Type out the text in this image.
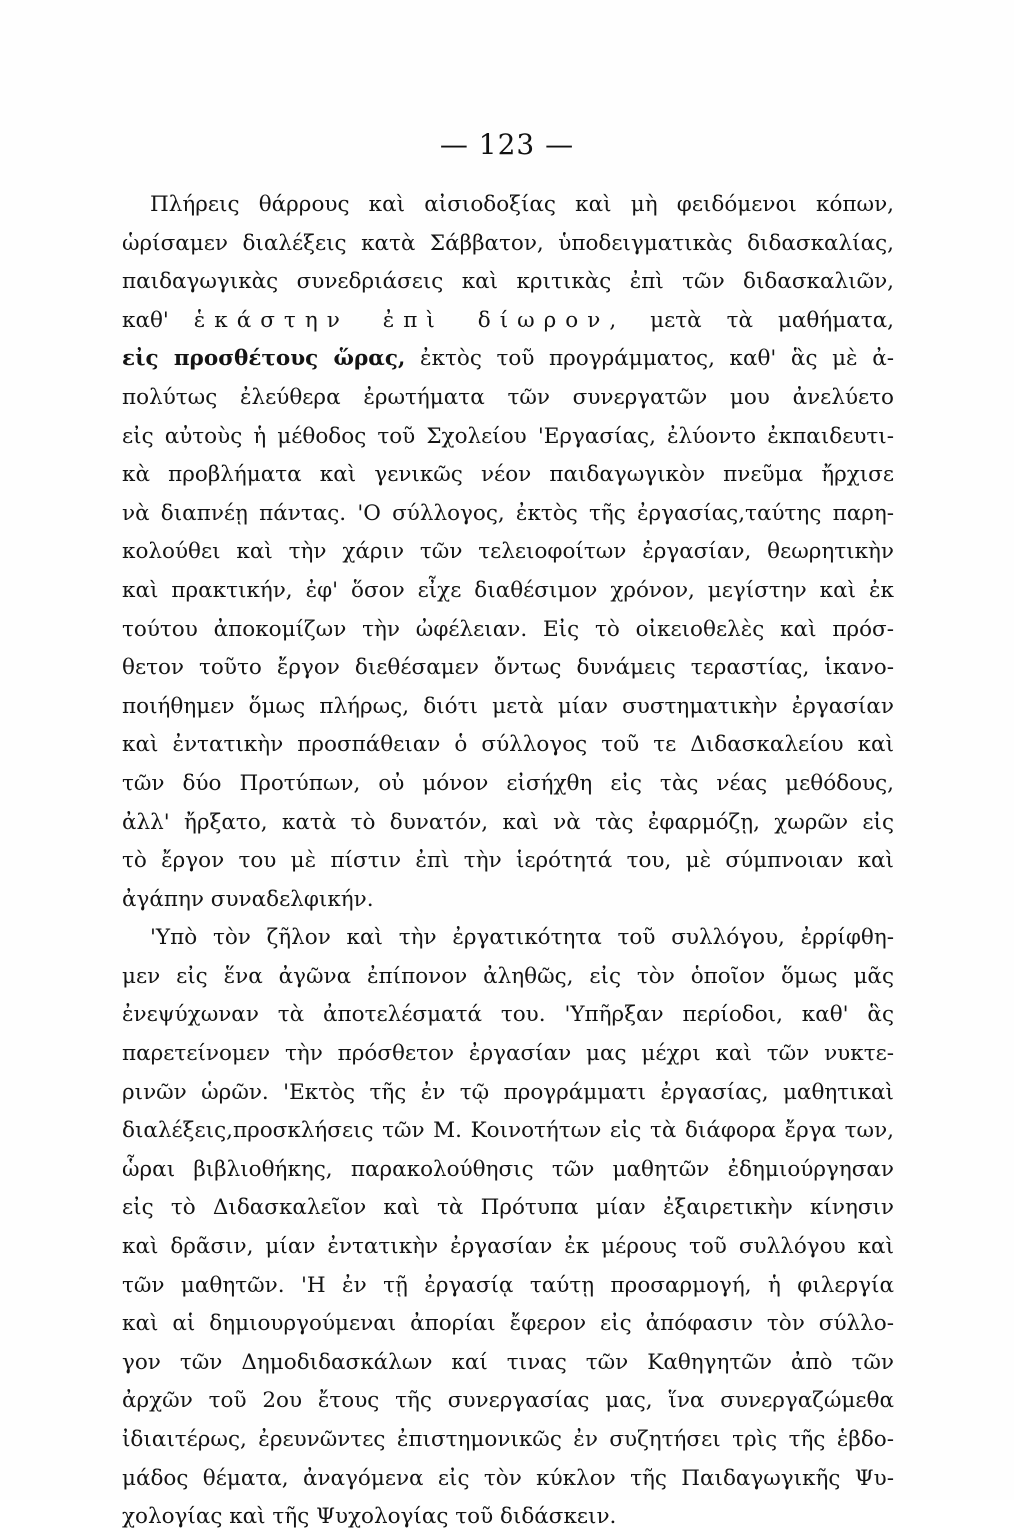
— 123 —
Πλήρεις θάρρους καὶ αἰσιοδοξίας καὶ μὴ φειδόμενοι κόπων,
ὡρίσαμεν διαλέξεις κατὰ Σάββατον, ὑποδειγματικὰς διδασκαλίας,
παιδαγωγικὰς συνεδριάσεις καὶ κριτικὰς ἐπὶ τῶν διδασκαλιῶν,
καθ' ἑκάστην ἐπὶ δίωρον, μετὰ τὰ μαθήματα,
εἰς προσθέτους ὥρας, ἐκτὸς τοῦ προγράμματος, καθ' ἃς μὲ ἀ-
πολύτως ἐλεύθερα ἐρωτήματα τῶν συνεργατῶν μου ἀνελύετο
εἰς αὐτοὺς ἡ μέθοδος τοῦ Σχολείου 'Εργασίας, ἐλύοντο ἐκπαιδευτι-
κὰ προβλήματα καὶ γενικῶς νέον παιδαγωγικὸν πνεῦμα ἤρχισε
νὰ διαπνέῃ πάντας. 'Ο σύλλογος, ἐκτὸς τῆς ἐργασίας,ταύτης παρη-
κολούθει καὶ τὴν χάριν τῶν τελειοφοίτων ἐργασίαν, θεωρητικὴν
καὶ πρακτικήν, ἐφ' ὅσον εἶχε διαθέσιμον χρόνον, μεγίστην καὶ ἐκ
τούτου ἀποκομίζων τὴν ὠφέλειαν. Εἰς τὸ οἰκειοθελὲς καὶ πρόσ-
θετον τοῦτο ἔργον διεθέσαμεν ὄντως δυνάμεις τεραστίας, ἱκανο-
ποιήθημεν ὅμως πλήρως, διότι μετὰ μίαν συστηματικὴν ἐργασίαν
καὶ ἐντατικὴν προσπάθειαν ὁ σύλλογος τοῦ τε Διδασκαλείου καὶ
τῶν δύο Προτύπων, οὐ μόνον εἰσήχθη εἰς τὰς νέας μεθόδους,
ἀλλ' ἤρξατο, κατὰ τὸ δυνατόν, καὶ νὰ τὰς ἐφαρμόζῃ, χωρῶν εἰς
τὸ ἔργον του μὲ πίστιν ἐπὶ τὴν ἱερότητά του, μὲ σύμπνοιαν καὶ
ἀγάπην συναδελφικήν.
'Υπὸ τὸν ζῆλον καὶ τὴν ἐργατικότητα τοῦ συλλόγου, ἐρρίφθη-
μεν εἰς ἕνα ἀγῶνα ἐπίπονον ἀληθῶς, εἰς τὸν ὁποῖον ὅμως μᾶς
ἐνεψύχωναν τὰ ἀποτελέσματά του. 'Υπῆρξαν περίοδοι, καθ' ἃς
παρετείνομεν τὴν πρόσθετον ἐργασίαν μας μέχρι καὶ τῶν νυκτε-
ρινῶν ὡρῶν. 'Εκτὸς τῆς ἐν τῷ προγράμματι ἐργασίας, μαθητικαὶ
διαλέξεις,προσκλήσεις τῶν Μ. Κοινοτήτων εἰς τὰ διάφορα ἔργα των,
ὧραι βιβλιοθήκης, παρακολούθησις τῶν μαθητῶν ἐδημιούργησαν
εἰς τὸ Διδασκαλεῖον καὶ τὰ Πρότυπα μίαν ἐξαιρετικὴν κίνησιν
καὶ δρᾶσιν, μίαν ἐντατικὴν ἐργασίαν ἐκ μέρους τοῦ συλλόγου καὶ
τῶν μαθητῶν. 'Η ἐν τῇ ἐργασίᾳ ταύτῃ προσαρμογή, ἡ φιλεργία
καὶ αἱ δημιουργούμεναι ἀπορίαι ἔφερον εἰς ἀπόφασιν τὸν σύλλο-
γον τῶν Δημοδιδασκάλων καί τινας τῶν Καθηγητῶν ἀπὸ τῶν
ἀρχῶν τοῦ 2ου ἔτους τῆς συνεργασίας μας, ἵνα συνεργαζώμεθα
ἰδιαιτέρως, ἐρευνῶντες ἐπιστημονικῶς ἐν συζητήσει τρὶς τῆς ἑβδο-
μάδος θέματα, ἀναγόμενα εἰς τὸν κύκλον τῆς Παιδαγωγικῆς Ψυ-
χολογίας καὶ τῆς Ψυχολογίας τοῦ διδάσκειν.
